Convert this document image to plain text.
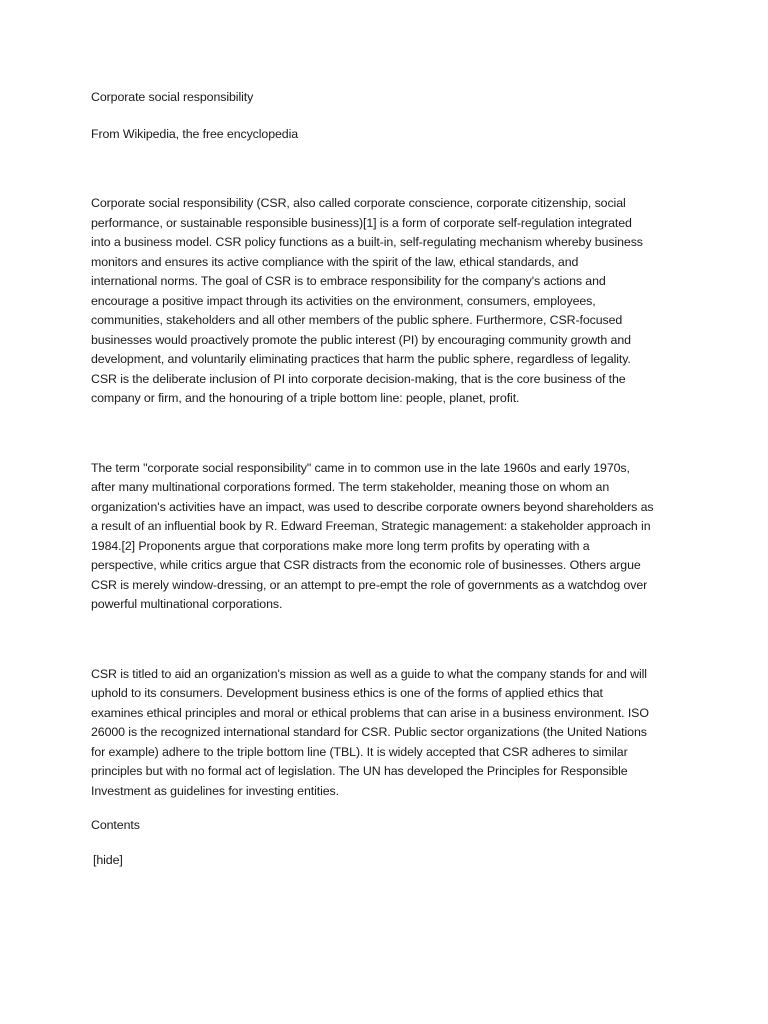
Corporate social responsibility

From Wikipedia, the free encyclopedia

Corporate social responsibility (CSR, also called corporate conscience, corporate citizenship, social

performance, or sustainable responsible business)[1] is a form of corporate self-regulation integrated

into a business model. CSR policy functions as a built-in, self-regulating mechanism whereby business

monitors and ensures its active compliance with the spirit of the law, ethical standards, and

international norms. The goal of CSR is to embrace responsibility for the company's actions and

encourage a positive impact through its activities on the environment, consumers, employees,

communities, stakeholders and all other members of the public sphere. Furthermore, CSR-focused

businesses would proactively promote the public interest (PI) by encouraging community growth and

development, and voluntarily eliminating practices that harm the public sphere, regardless of legality.

CSR is the deliberate inclusion of PI into corporate decision-making, that is the core business of the

company or firm, and the honouring of a triple bottom line: people, planet, profit.

The term "corporate social responsibility" came in to common use in the late 1960s and early 1970s,

after many multinational corporations formed. The term stakeholder, meaning those on whom an

organization's activities have an impact, was used to describe corporate owners beyond shareholders as

a result of an influential book by R. Edward Freeman, Strategic management: a stakeholder approach in

1984.[2] Proponents argue that corporations make more long term profits by operating with a

perspective, while critics argue that CSR distracts from the economic role of businesses. Others argue

CSR is merely window-dressing, or an attempt to pre-empt the role of governments as a watchdog over

powerful multinational corporations.

CSR is titled to aid an organization's mission as well as a guide to what the company stands for and will

uphold to its consumers. Development business ethics is one of the forms of applied ethics that

examines ethical principles and moral or ethical problems that can arise in a business environment. ISO

26000 is the recognized international standard for CSR. Public sector organizations (the United Nations

for example) adhere to the triple bottom line (TBL). It is widely accepted that CSR adheres to similar

principles but with no formal act of legislation. The UN has developed the Principles for Responsible

Investment as guidelines for investing entities.

Contents

[hide]
